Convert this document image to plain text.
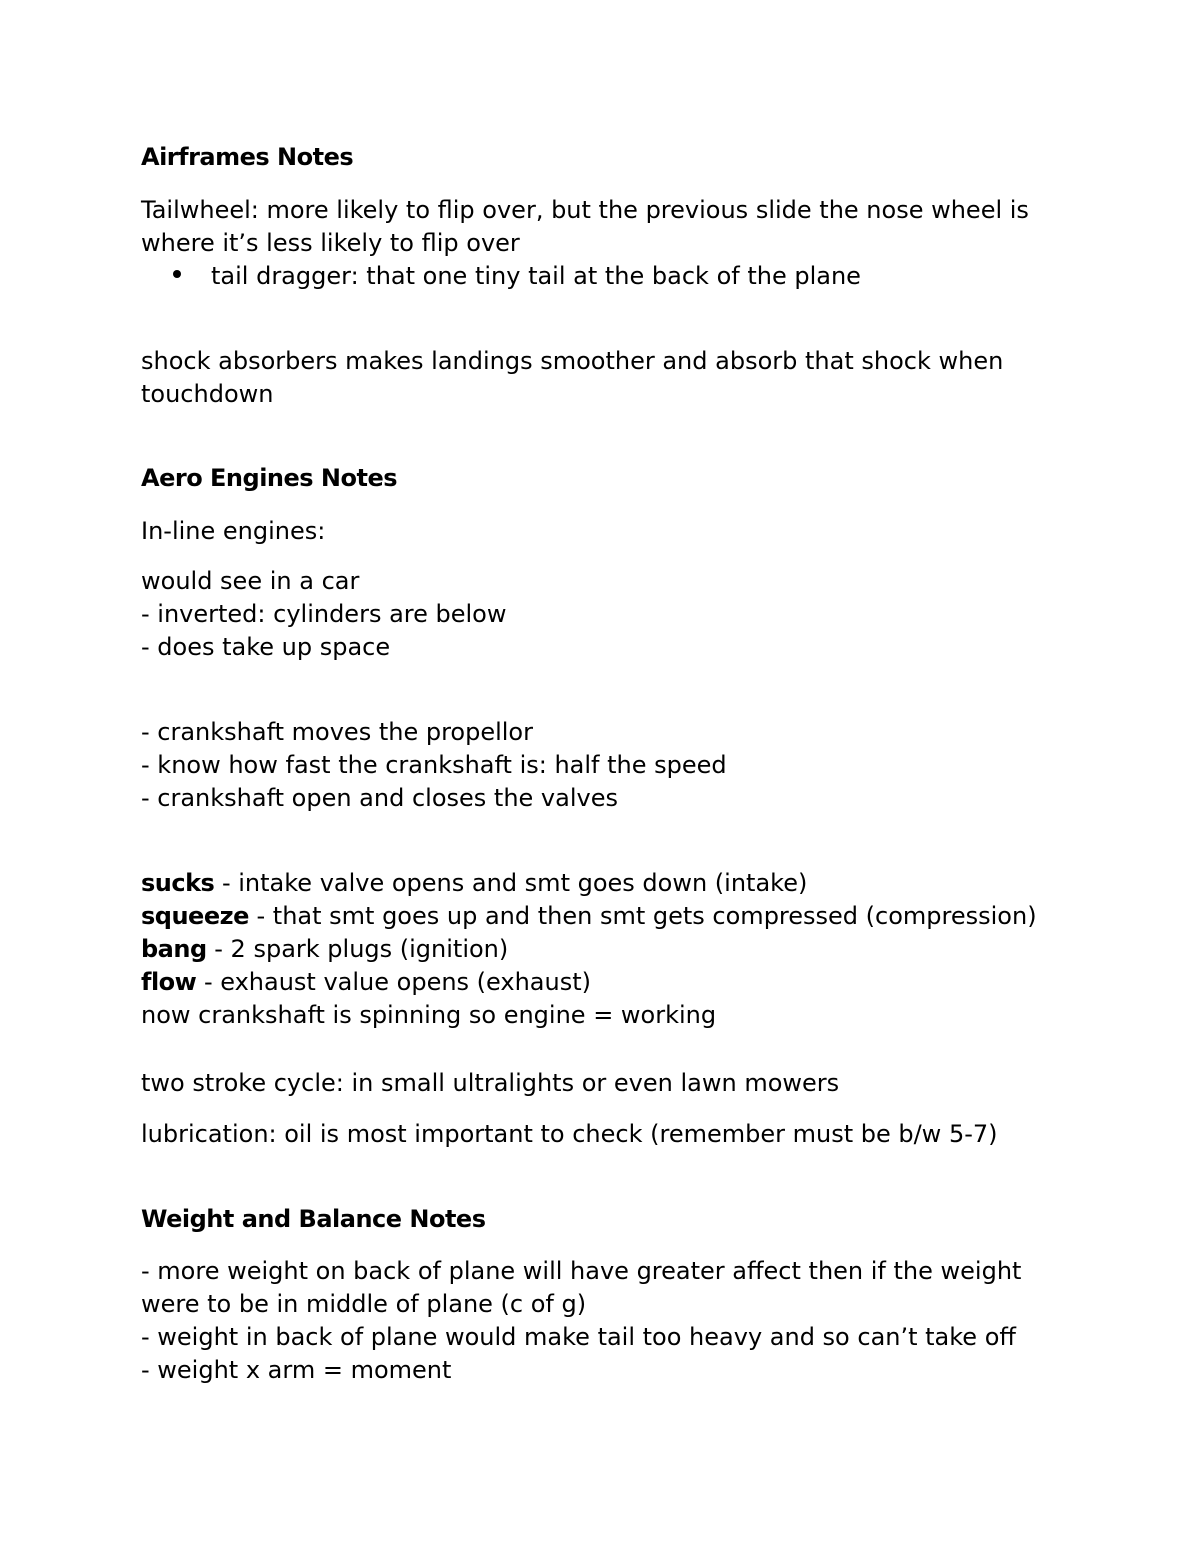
Airframes Notes

Tailwheel: more likely to flip over, but the previous slide the nose wheel is

where it’s less likely to flip over

tail dragger: that one tiny tail at the back of the plane

shock absorbers makes landings smoother and absorb that shock when

touchdown

Aero Engines Notes

In-line engines:

would see in a car

- inverted: cylinders are below

- does take up space

- crankshaft moves the propellor

- know how fast the crankshaft is: half the speed

- crankshaft open and closes the valves

sucks - intake valve opens and smt goes down (intake)

squeeze - that smt goes up and then smt gets compressed (compression)

bang - 2 spark plugs (ignition)

flow - exhaust value opens (exhaust)

now crankshaft is spinning so engine = working

two stroke cycle: in small ultralights or even lawn mowers

lubrication: oil is most important to check (remember must be b/w 5-7)

Weight and Balance Notes

- more weight on back of plane will have greater affect then if the weight

were to be in middle of plane (c of g)

- weight in back of plane would make tail too heavy and so can’t take off

- weight x arm = moment
